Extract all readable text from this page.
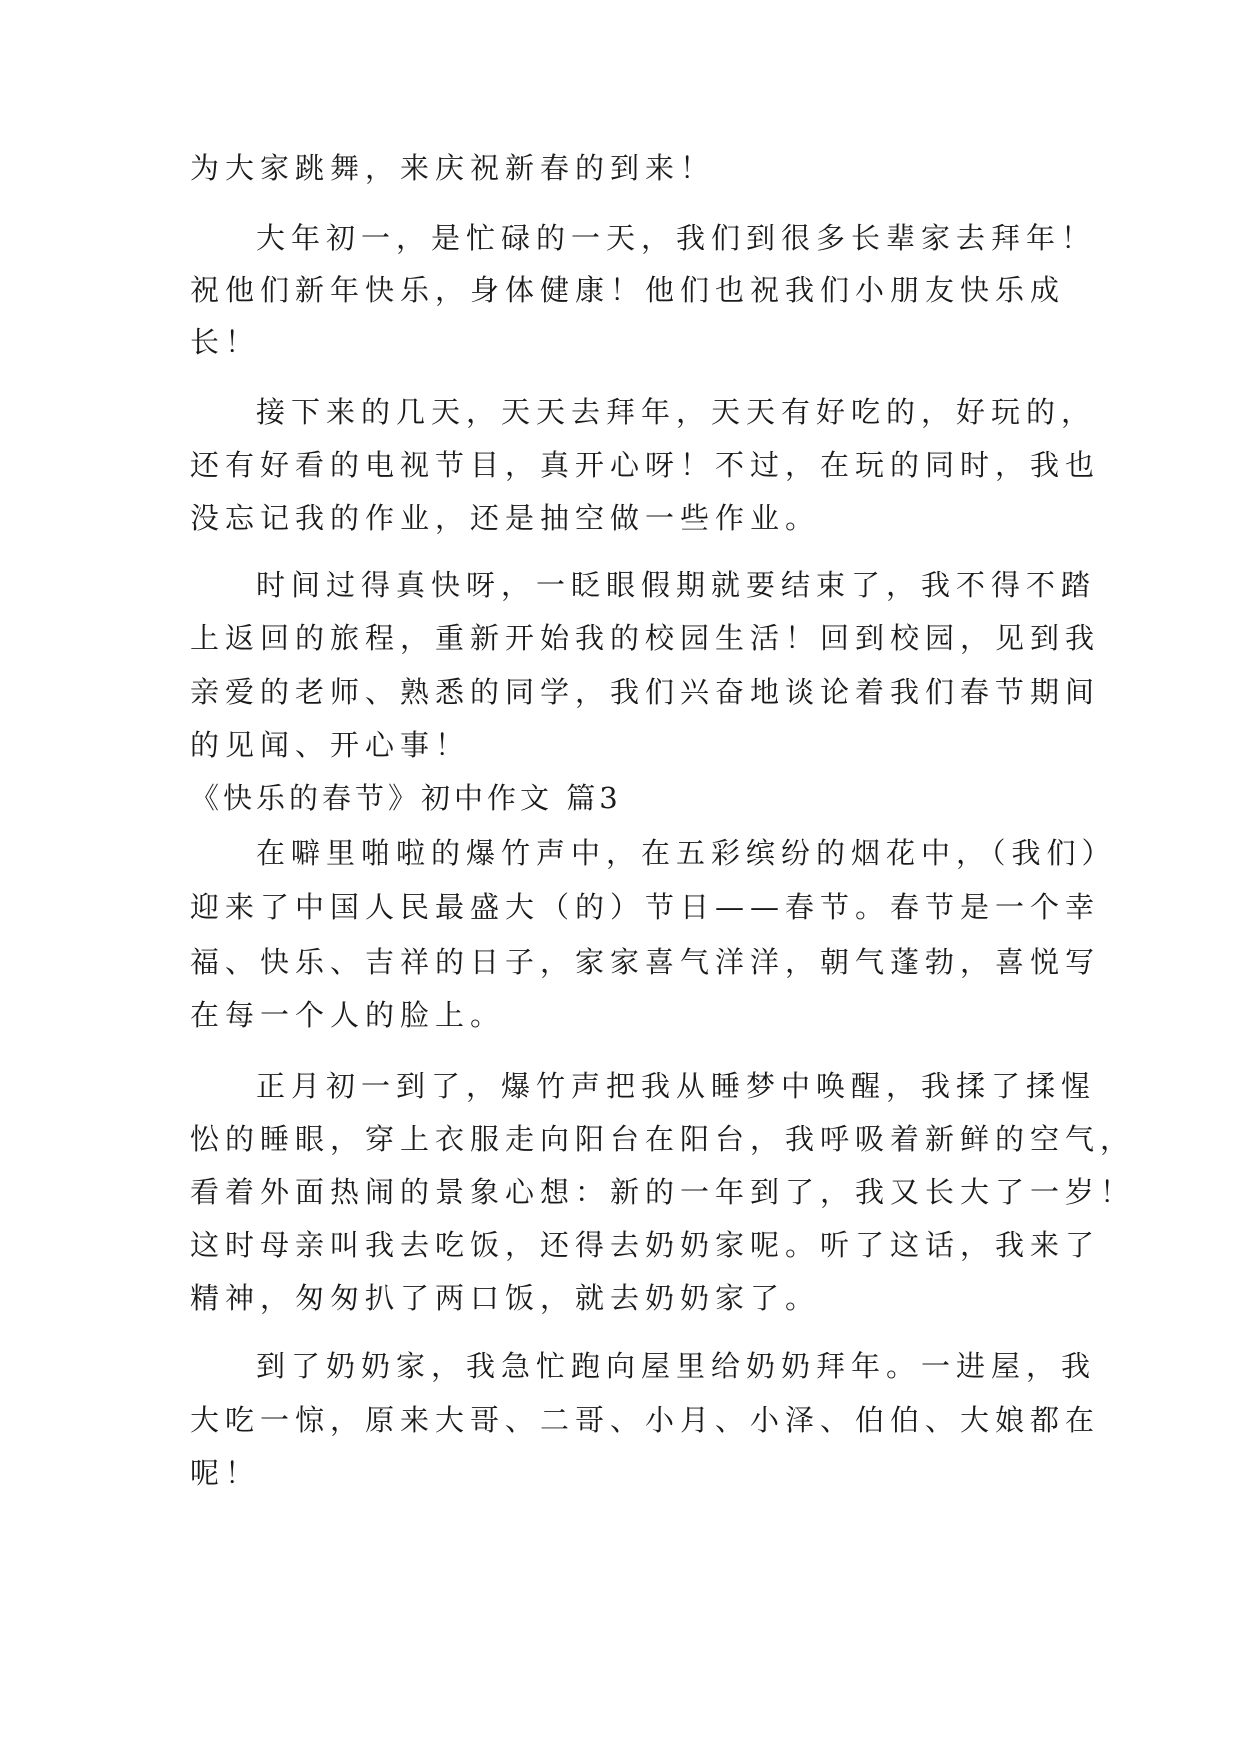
为大家跳舞，来庆祝新春的到来！
大年初一，是忙碌的一天，我们到很多长辈家去拜年！
祝他们新年快乐，身体健康！他们也祝我们小朋友快乐成
长！
接下来的几天，天天去拜年，天天有好吃的，好玩的，
还有好看的电视节目，真开心呀！不过，在玩的同时，我也
没忘记我的作业，还是抽空做一些作业。
时间过得真快呀，一眨眼假期就要结束了，我不得不踏
上返回的旅程，重新开始我的校园生活！回到校园，见到我
亲爱的老师、熟悉的同学，我们兴奋地谈论着我们春节期间
的见闻、开心事！
《快乐的春节》初中作文 篇3
在噼里啪啦的爆竹声中，在五彩缤纷的烟花中，（我们）
迎来了中国人民最盛大（的）节日——春节。春节是一个幸
福、快乐、吉祥的日子，家家喜气洋洋，朝气蓬勃，喜悦写
在每一个人的脸上。
正月初一到了，爆竹声把我从睡梦中唤醒，我揉了揉惺
忪的睡眼，穿上衣服走向阳台在阳台，我呼吸着新鲜的空气，
看着外面热闹的景象心想：新的一年到了，我又长大了一岁！
这时母亲叫我去吃饭，还得去奶奶家呢。听了这话，我来了
精神，匆匆扒了两口饭，就去奶奶家了。
到了奶奶家，我急忙跑向屋里给奶奶拜年。一进屋，我
大吃一惊，原来大哥、二哥、小月、小泽、伯伯、大娘都在
呢！
